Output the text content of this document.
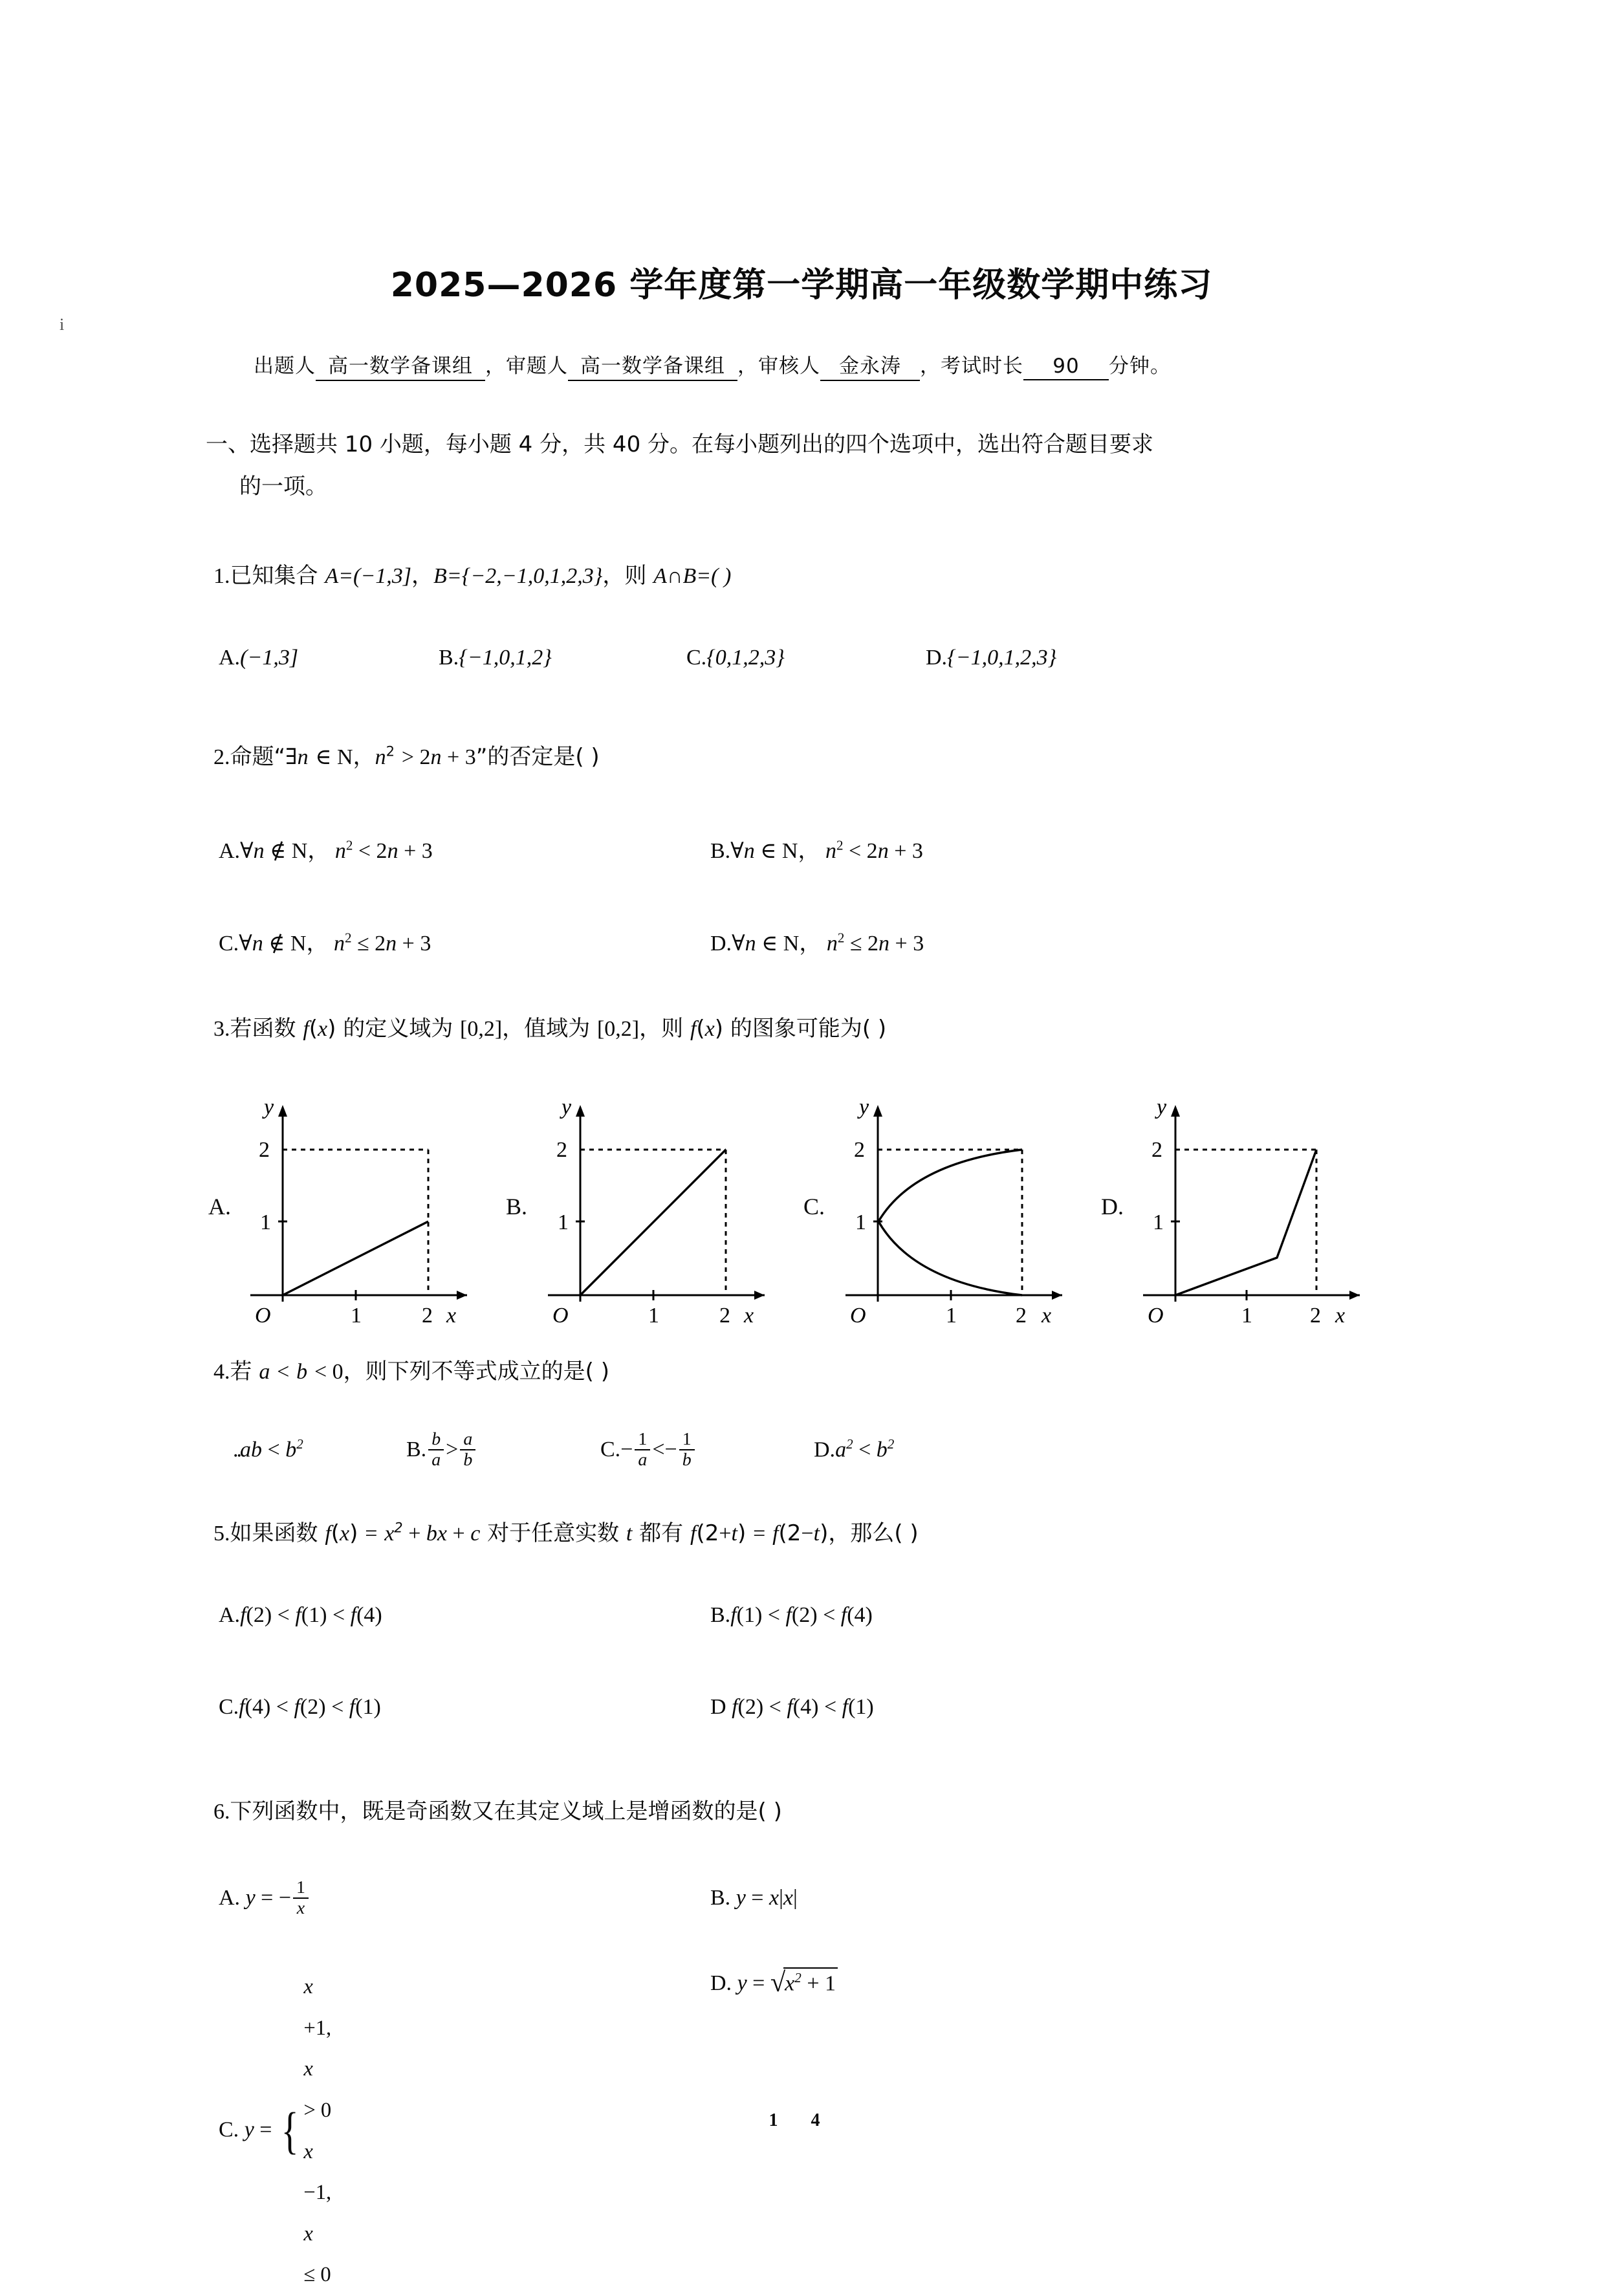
2025—2026 学年度第一学期高一年级数学期中练习
i
出题人 高一数学备课组 ，审题人 高一数学备课组 ，审核人 金永涛 ，考试时长 90 分钟。
一、选择题共 10 小题，每小题 4 分，共 40 分。在每小题列出的四个选项中，选出符合题目要求
的一项。
1.已知集合 A=(−1,3]，B={−2,−1,0,1,2,3}，则 A∩B=( )
A.(−1,3]	B.{−1,0,1,2}	C.{0,1,2,3}	D.{−1,0,1,2,3}
2.命题“∃n ∈ N，$n^2 > 2n + 3$”的否定是( )
A.∀n ∉ N， $n^2 < 2n + 3$	B.∀n ∈ N， $n^2 < 2n + 3$
C.∀n ∉ N， $n^2 \le 2n + 3$	D.∀n ∈ N， $n^2 \le 2n + 3$
3.若函数 f(x) 的定义域为 [0,2]，值域为 [0,2]，则 f(x) 的图象可能为( )
A.
2
1
O	1	2 x
y
B.
2
1
O	1	2 x
y
C.
2
1
O	1	2 x
y
D.
2
1
O	1	2 x
y
4.若 a < b < 0，则下列不等式成立的是( )
$..ab < b^2$	B. $\frac{b}{a} > \frac{a}{b}$	$C.- \frac{1}{a} <- \frac{1}{b}$	$D.a^2 < b^2$
5.如果函数 $f(x) = x^2$ + bx + c 对于任意实数 t 都有 f(2+t) = f(2−t)，那么( )
A.f(2) < f(1) < f(4)	B.f(1) < f(2) < f(4)
C.f(4) < f(2) < f(1)	D f(2) < f(4) < f(1)
6.下列函数中，既是奇函数又在其定义域上是增函数的是( )
A. y = − $\frac{1}{x}$	B. y = x|x|
C. y = {
x
+1,
x
> 0
x
−1,
x
≤ 0
D. $y = √x^2 + 1$
1 4
